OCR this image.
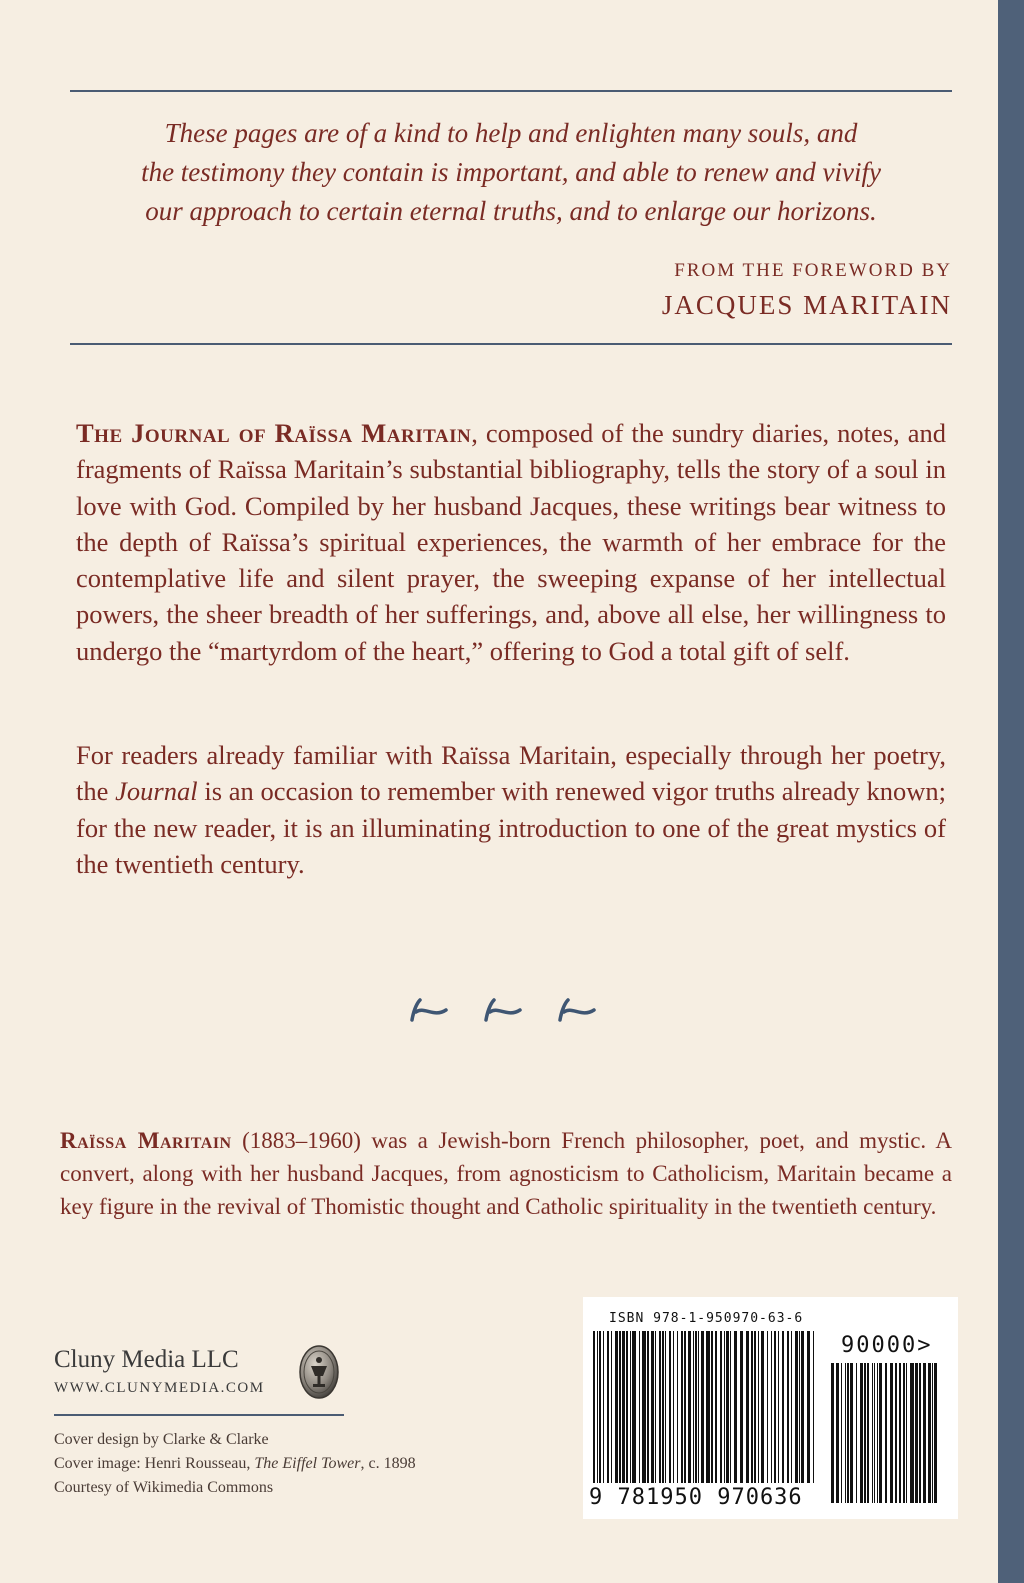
These pages are of a kind to help and enlighten many souls, and
the testimony they contain is important, and able to renew and vivify
our approach to certain eternal truths, and to enlarge our horizons.
FROM THE FOREWORD BY
JACQUES MARITAIN
The Journal of Raïssa Maritain, composed of the sundry diaries, notes, and fragments of Raïssa Maritain’s substantial bibliography, tells the story of a soul in love with God. Compiled by her husband Jacques, these writings bear witness to the depth of Raïssa’s spiritual experiences, the warmth of her embrace for the contemplative life and silent prayer, the sweeping expanse of her intellectual powers, the sheer breadth of her sufferings, and, above all else, her willingness to undergo the “martyrdom of the heart,” offering to God a total gift of self.
For readers already familiar with Raïssa Maritain, especially through her poetry, the Journal is an occasion to remember with renewed vigor truths already known; for the new reader, it is an illuminating introduction to one of the great mystics of the twentieth century.
Raïssa Maritain (1883–1960) was a Jewish-born French philosopher, poet, and mystic. A convert, along with her husband Jacques, from agnosticism to Catholicism, Maritain became a key figure in the revival of Thomistic thought and Catholic spirituality in the twentieth century.
Cluny Media LLC
WWW.CLUNYMEDIA.COM
Cover design by Clarke & Clarke
Cover image: Henri Rousseau, The Eiffel Tower, c. 1898
Courtesy of Wikimedia Commons
ISBN 978-1-950970-63-6
90000>
9 781950 970636
